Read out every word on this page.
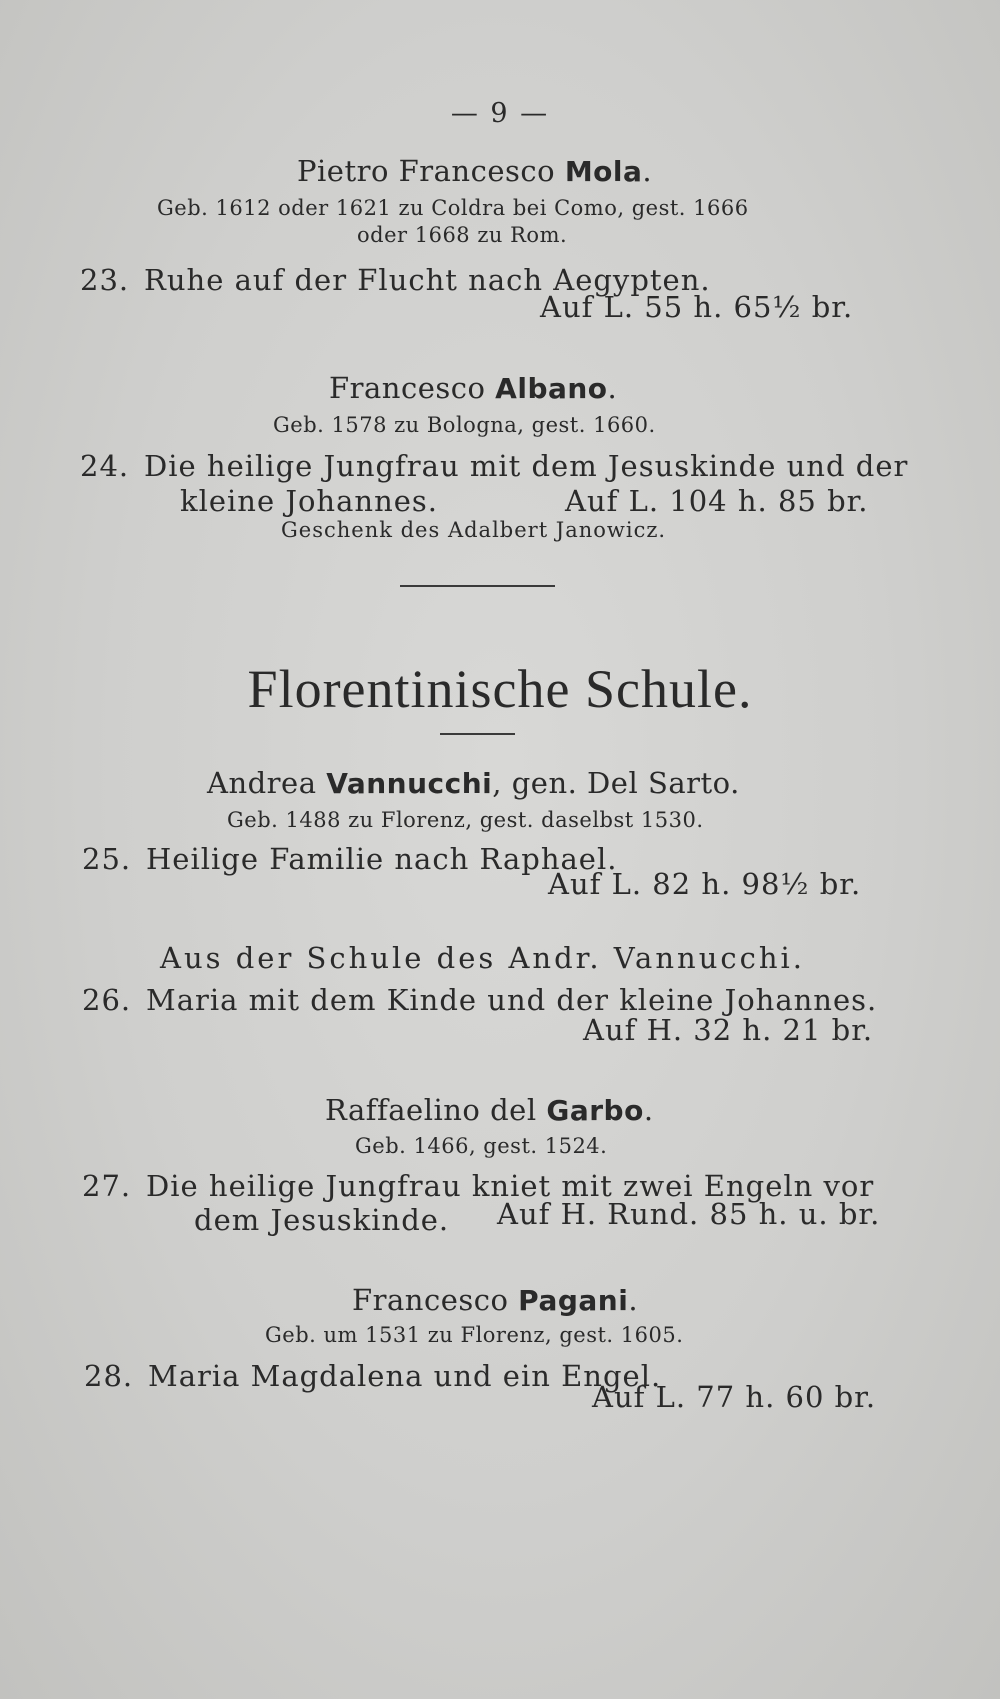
— 9 —
Pietro Francesco Mola.
Geb. 1612 oder 1621 zu Coldra bei Como, gest. 1666
oder 1668 zu Rom.
23. Ruhe auf der Flucht nach Aegypten.
Auf L. 55 h. 65½ br.
Francesco Albano.
Geb. 1578 zu Bologna, gest. 1660.
24. Die heilige Jungfrau mit dem Jesuskinde und der
kleine Johannes.	Auf L. 104 h. 85 br.
Geschenk des Adalbert Janowicz.
Florentinische Schule.
Andrea Vannucchi, gen. Del Sarto.
Geb. 1488 zu Florenz, gest. daselbst 1530.
25. Heilige Familie nach Raphael.
Auf L. 82 h. 98½ br.
Aus der Schule des Andr. Vannucchi.
26. Maria mit dem Kinde und der kleine Johannes.
Auf H. 32 h. 21 br.
Raffaelino del Garbo.
Geb. 1466, gest. 1524.
27. Die heilige Jungfrau kniet mit zwei Engeln vor
dem Jesuskinde. Auf H. Rund. 85 h. u. br.
Francesco Pagani.
Geb. um 1531 zu Florenz, gest. 1605.
28. Maria Magdalena und ein Engel.
Auf L. 77 h. 60 br.
